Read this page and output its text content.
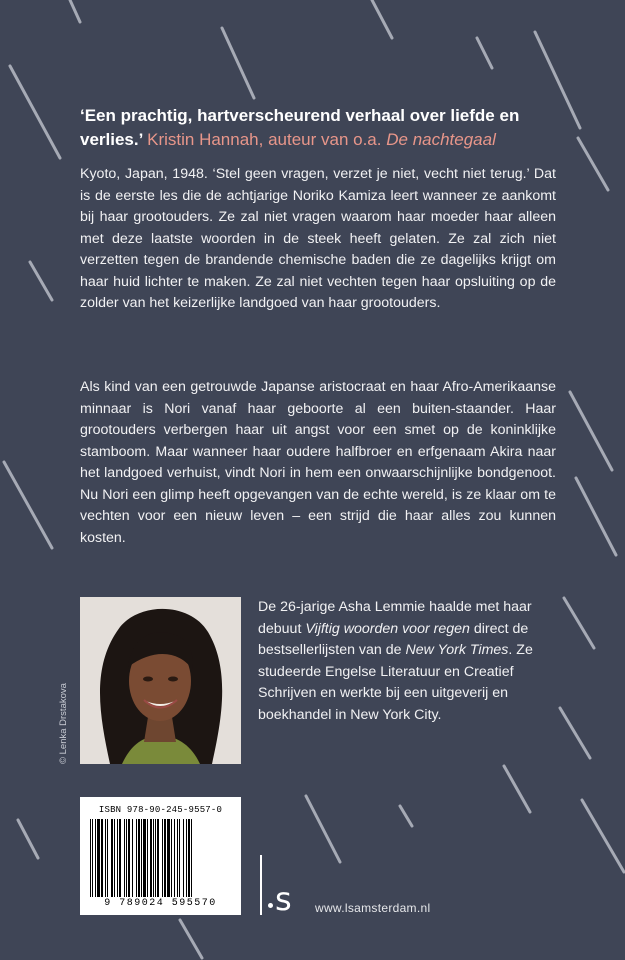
‘Een prachtig, hartverscheurend verhaal over liefde en verlies.’ Kristin Hannah, auteur van o.a. De nachtegaal
Kyoto, Japan, 1948. ‘Stel geen vragen, verzet je niet, vecht niet terug.’ Dat is de eerste les die de achtjarige Noriko Kamiza leert wanneer ze aankomt bij haar grootouders. Ze zal niet vragen waarom haar moeder haar alleen met deze laatste woorden in de steek heeft gelaten. Ze zal zich niet verzetten tegen de brandende chemische baden die ze dagelijks krijgt om haar huid lichter te maken. Ze zal niet vechten tegen haar opsluiting op de zolder van het keizerlijke landgoed van haar grootouders.
Als kind van een getrouwde Japanse aristocraat en haar Afro-Amerikaanse minnaar is Nori vanaf haar geboorte al een buiten-staander. Haar grootouders verbergen haar uit angst voor een smet op de koninklijke stamboom. Maar wanneer haar oudere halfbroer en erfgenaam Akira naar het landgoed verhuist, vindt Nori in hem een onwaarschijnlijke bondgenoot. Nu Nori een glimp heeft opgevangen van de echte wereld, is ze klaar om te vechten voor een nieuw leven – een strijd die haar alles zou kunnen kosten.
© Lenka Drstakova
De 26-jarige Asha Lemmie haalde met haar debuut Vijftig woorden voor regen direct de bestsellerlijsten van de New York Times. Ze studeerde Engelse Literatuur en Creatief Schrijven en werkte bij een uitgeverij en boekhandel in New York City.
ISBN 978-90-245-9557-0
9 789024 595570	s www.lsamsterdam.nl
